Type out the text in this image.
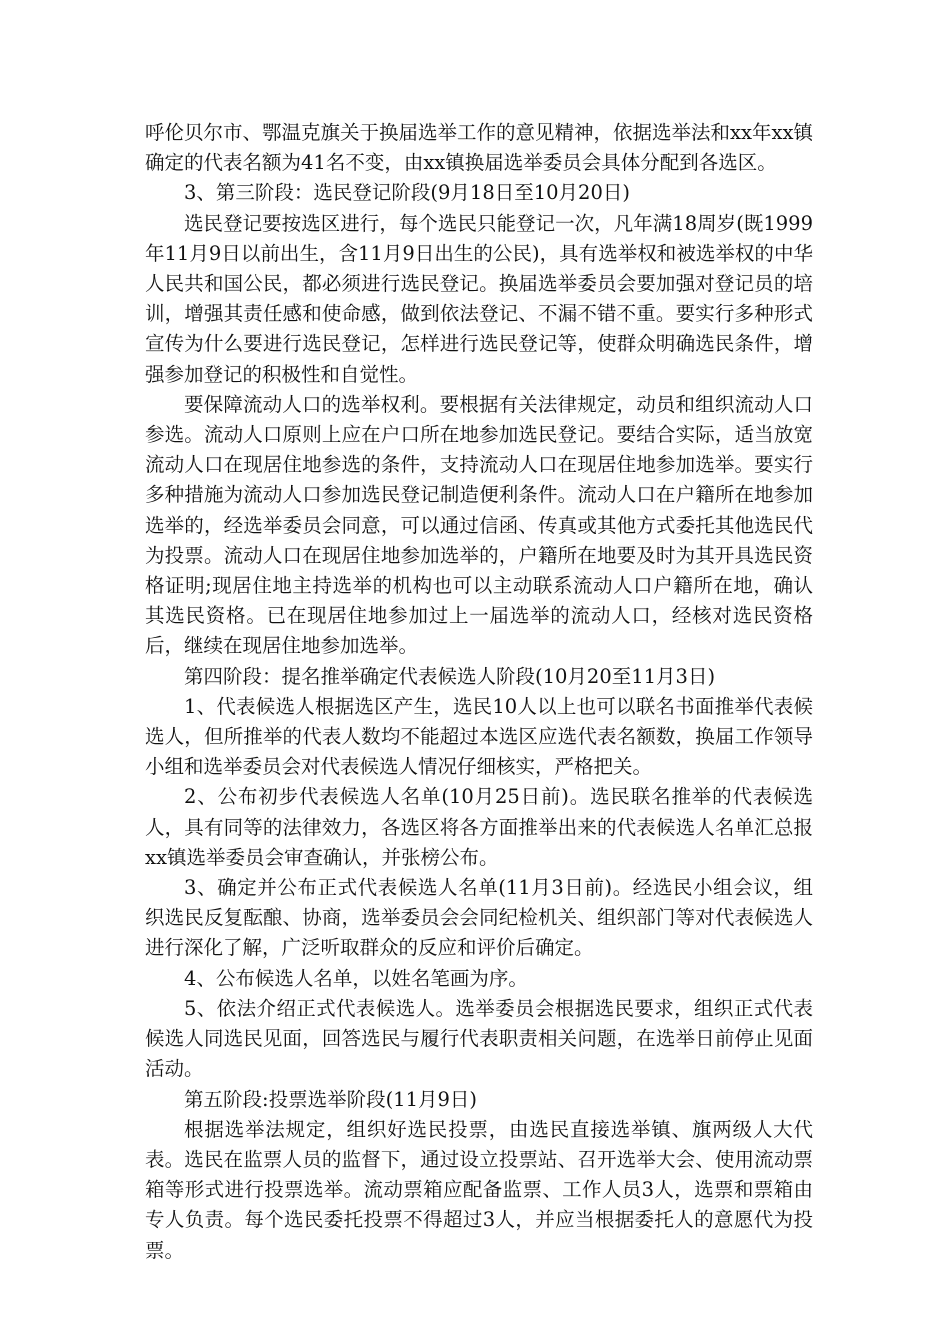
呼伦贝尔市、鄂温克旗关于换届选举工作的意见精神，依据选举法和xx年xx镇确定的代表名额为41名不变，由xx镇换届选举委员会具体分配到各选区。

3、第三阶段：选民登记阶段(9月18日至10月20日)

选民登记要按选区进行，每个选民只能登记一次，凡年满18周岁(既1999年11月9日以前出生，含11月9日出生的公民)，具有选举权和被选举权的中华人民共和国公民，都必须进行选民登记。换届选举委员会要加强对登记员的培训，增强其责任感和使命感，做到依法登记、不漏不错不重。要实行多种形式宣传为什么要进行选民登记，怎样进行选民登记等，使群众明确选民条件，增强参加登记的积极性和自觉性。

要保障流动人口的选举权利。要根据有关法律规定，动员和组织流动人口参选。流动人口原则上应在户口所在地参加选民登记。要结合实际，适当放宽流动人口在现居住地参选的条件，支持流动人口在现居住地参加选举。要实行多种措施为流动人口参加选民登记制造便利条件。流动人口在户籍所在地参加选举的，经选举委员会同意，可以通过信函、传真或其他方式委托其他选民代为投票。流动人口在现居住地参加选举的，户籍所在地要及时为其开具选民资格证明;现居住地主持选举的机构也可以主动联系流动人口户籍所在地，确认其选民资格。已在现居住地参加过上一届选举的流动人口，经核对选民资格后，继续在现居住地参加选举。

第四阶段：提名推举确定代表候选人阶段(10月20至11月3日)

1、代表候选人根据选区产生，选民10人以上也可以联名书面推举代表候选人，但所推举的代表人数均不能超过本选区应选代表名额数，换届工作领导小组和选举委员会对代表候选人情况仔细核实，严格把关。

2、公布初步代表候选人名单(10月25日前)。选民联名推举的代表候选人，具有同等的法律效力，各选区将各方面推举出来的代表候选人名单汇总报xx镇选举委员会审查确认，并张榜公布。

3、确定并公布正式代表候选人名单(11月3日前)。经选民小组会议，组织选民反复酝酿、协商，选举委员会会同纪检机关、组织部门等对代表候选人进行深化了解，广泛听取群众的反应和评价后确定。

4、公布候选人名单，以姓名笔画为序。

5、依法介绍正式代表候选人。选举委员会根据选民要求，组织正式代表候选人同选民见面，回答选民与履行代表职责相关问题，在选举日前停止见面活动。

第五阶段:投票选举阶段(11月9日)

根据选举法规定，组织好选民投票，由选民直接选举镇、旗两级人大代表。选民在监票人员的监督下，通过设立投票站、召开选举大会、使用流动票箱等形式进行投票选举。流动票箱应配备监票、工作人员3人，选票和票箱由专人负责。每个选民委托投票不得超过3人，并应当根据委托人的意愿代为投票。
